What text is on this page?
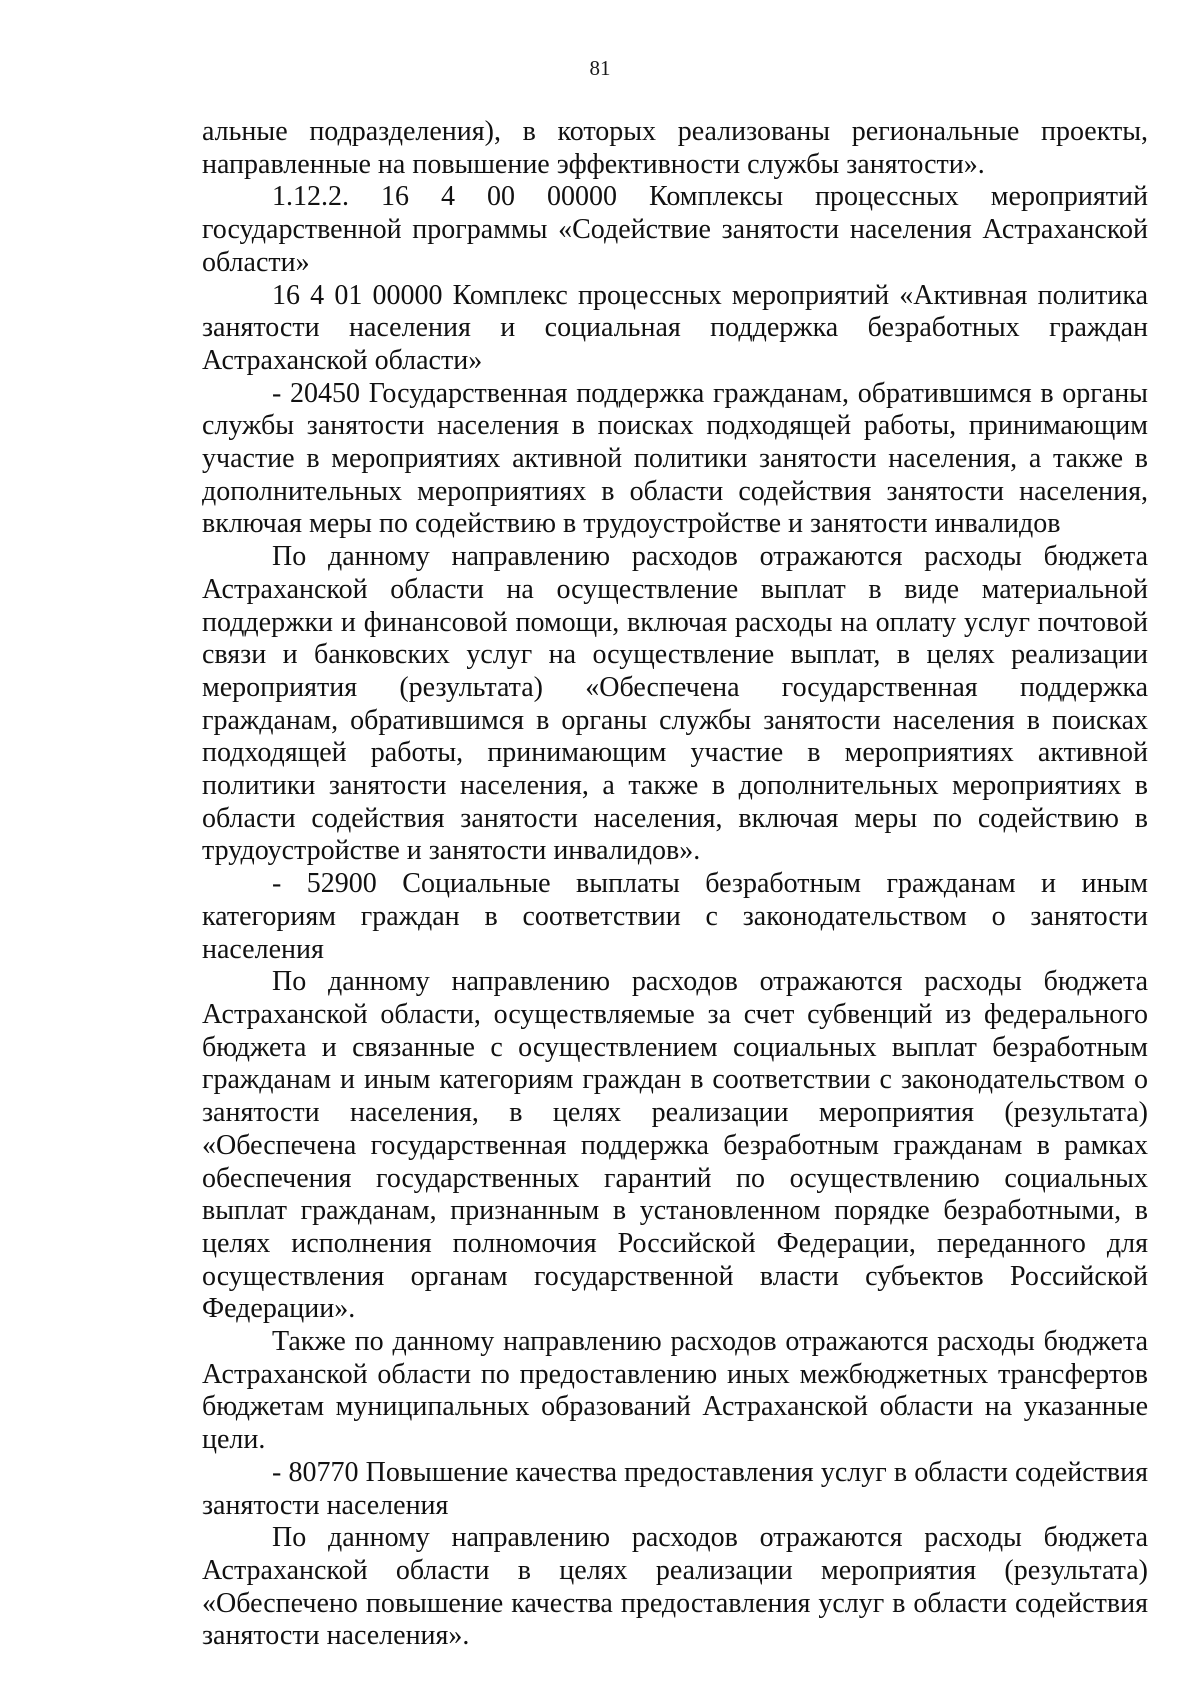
81

альные подразделения), в которых реализованы региональные проекты, направленные на повышение эффективности службы занятости».

1.12.2. 16 4 00 00000 Комплексы процессных мероприятий государственной программы «Содействие занятости населения Астраханской области»

16 4 01 00000 Комплекс процессных мероприятий «Активная политика занятости населения и социальная поддержка безработных граждан Астраханской области»

- 20450 Государственная поддержка гражданам, обратившимся в органы службы занятости населения в поисках подходящей работы, принимающим участие в мероприятиях активной политики занятости населения, а также в дополнительных мероприятиях в области содействия занятости населения, включая меры по содействию в трудоустройстве и занятости инвалидов

По данному направлению расходов отражаются расходы бюджета Астраханской области на осуществление выплат в виде материальной поддержки и финансовой помощи, включая расходы на оплату услуг почтовой связи и банковских услуг на осуществление выплат, в целях реализации мероприятия (результата) «Обеспечена государственная поддержка гражданам, обратившимся в органы службы занятости населения в поисках подходящей работы, принимающим участие в мероприятиях активной политики занятости населения, а также в дополнительных мероприятиях в области содействия занятости населения, включая меры по содействию в трудоустройстве и занятости инвалидов».

- 52900 Социальные выплаты безработным гражданам и иным категориям граждан в соответствии с законодательством о занятости населения

По данному направлению расходов отражаются расходы бюджета Астраханской области, осуществляемые за счет субвенций из федерального бюджета и связанные с осуществлением социальных выплат безработным гражданам и иным категориям граждан в соответствии с законодательством о занятости населения, в целях реализации мероприятия (результата) «Обеспечена государственная поддержка безработным гражданам в рамках обеспечения государственных гарантий по осуществлению социальных выплат гражданам, признанным в установленном порядке безработными, в целях исполнения полномочия Российской Федерации, переданного для осуществления органам государственной власти субъектов Российской Федерации».

Также по данному направлению расходов отражаются расходы бюджета Астраханской области по предоставлению иных межбюджетных трансфертов бюджетам муниципальных образований Астраханской области на указанные цели.

- 80770 Повышение качества предоставления услуг в области содействия занятости населения

По данному направлению расходов отражаются расходы бюджета Астраханской области в целях реализации мероприятия (результата) «Обеспечено повышение качества предоставления услуг в области содействия занятости населения».
